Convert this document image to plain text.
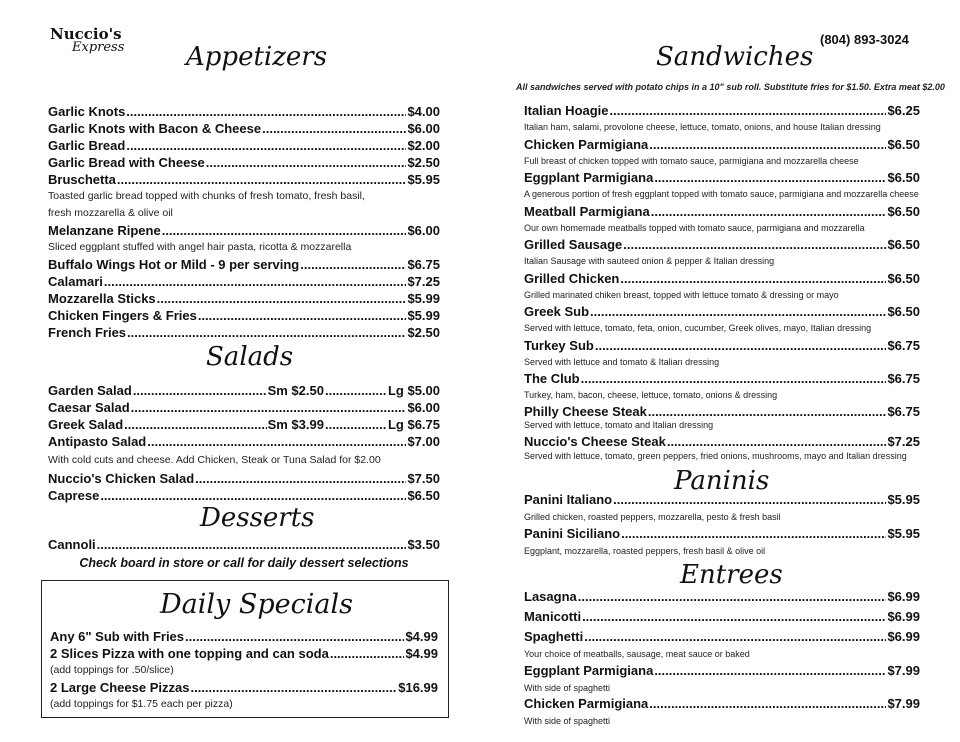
Nuccio's
Express
(804) 893-3024
Appetizers
Garlic Knots .....	$4.00
Garlic Knots with Bacon & Cheese .....	$6.00
Garlic Bread .....	$2.00
Garlic Bread with Cheese .....	$2.50
Bruschetta .....	$5.95
Toasted garlic bread topped with chunks of fresh tomato, fresh basil,
fresh mozzarella & olive oil
Melanzane Ripene .....	$6.00
Sliced eggplant stuffed with angel hair pasta, ricotta & mozzarella
Buffalo Wings Hot or Mild - 9 per serving .....	$6.75
Calamari .....	$7.25
Mozzarella Sticks .....	$5.99
Chicken Fingers & Fries .....	$5.99
French Fries .....	$2.50
Salads
Garden Salad .....	Sm $2.50 .....	Lg $5.00
Caesar Salad .....	$6.00
Greek Salad .....	Sm $3.99 .....	Lg $6.75
Antipasto Salad .....	$7.00
With cold cuts and cheese. Add Chicken, Steak or Tuna Salad for $2.00
Nuccio's Chicken Salad .....	$7.50
Caprese .....	$6.50
Desserts
Cannoli .....	$3.50
Check board in store or call for daily dessert selections
Daily Specials
Any 6" Sub with Fries .....	$4.99
2 Slices Pizza with one topping and can soda .....	$4.99
(add toppings for .50/slice)
2 Large Cheese Pizzas .....	$16.99
(add toppings for $1.75 each per pizza)
Sandwiches
All sandwiches served with potato chips in a 10" sub roll. Substitute fries for $1.50. Extra meat $2.00
Italian Hoagie .....	$6.25
Italian ham, salami, provolone cheese, lettuce, tomato, onions, and house Italian dressing
Chicken Parmigiana .....	$6.50
Full breast of chicken topped with tomato sauce, parmigiana and mozzarella cheese
Eggplant Parmigiana .....	$6.50
A generous portion of fresh eggplant topped with tomato sauce, parmigiana and mozzarella cheese
Meatball Parmigiana .....	$6.50
Our own homemade meatballs topped with tomato sauce, parmigiana and mozzarella
Grilled Sausage .....	$6.50
Italian Sausage with sauteed onion & pepper & Italian dressing
Grilled Chicken .....	$6.50
Grilled marinated chiken breast, topped with lettuce tomato & dressing or mayo
Greek Sub .....	$6.50
Served with lettuce, tomato, feta, onion, cucumber, Greek olives, mayo, Italian dressing
Turkey Sub .....	$6.75
Served with lettuce and tomato & Italian dressing
The Club .....	$6.75
Turkey, ham, bacon, cheese, lettuce, tomato, onions & dressing
Philly Cheese Steak .....	$6.75
Served with lettuce, tomato and Italian dressing
Nuccio's Cheese Steak .....	$7.25
Served with lettuce, tomato, green peppers, fried onions, mushrooms, mayo and Italian dressing
Paninis
Panini Italiano .....	$5.95
Grilled chicken, roasted peppers, mozzarella, pesto & fresh basil
Panini Siciliano .....	$5.95
Eggplant, mozzarella, roasted peppers, fresh basil & olive oil
Entrees
Lasagna .....	$6.99
Manicotti .....	$6.99
Spaghetti .....	$6.99
Your choice of meatballs, sausage, meat sauce or baked
Eggplant Parmigiana .....	$7.99
With side of spaghetti
Chicken Parmigiana .....	$7.99
With side of spaghetti
